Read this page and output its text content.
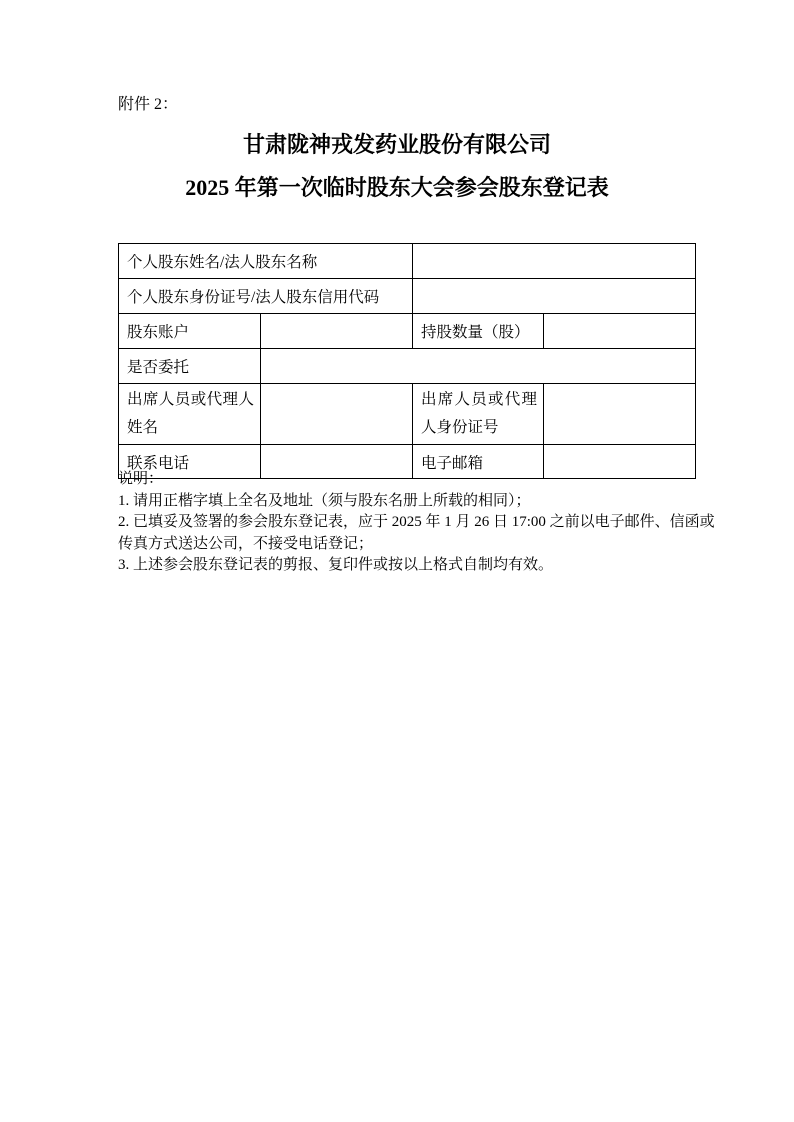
附件 2：
甘肃陇神戎发药业股份有限公司
2025 年第一次临时股东大会参会股东登记表
个人股东姓名/法人股东名称			
个人股东身份证号/法人股东信用代码			
股东账户		持股数量（股）	
是否委托			
出席人员或代理人姓名		出席人员或代理人身份证号	
联系电话		电子邮箱	
说明：
1. 请用正楷字填上全名及地址（须与股东名册上所载的相同）；
2. 已填妥及签署的参会股东登记表，应于 2025 年 1 月 26 日 17:00 之前以电子邮件、信函或
传真方式送达公司，不接受电话登记；
3. 上述参会股东登记表的剪报、复印件或按以上格式自制均有效。
